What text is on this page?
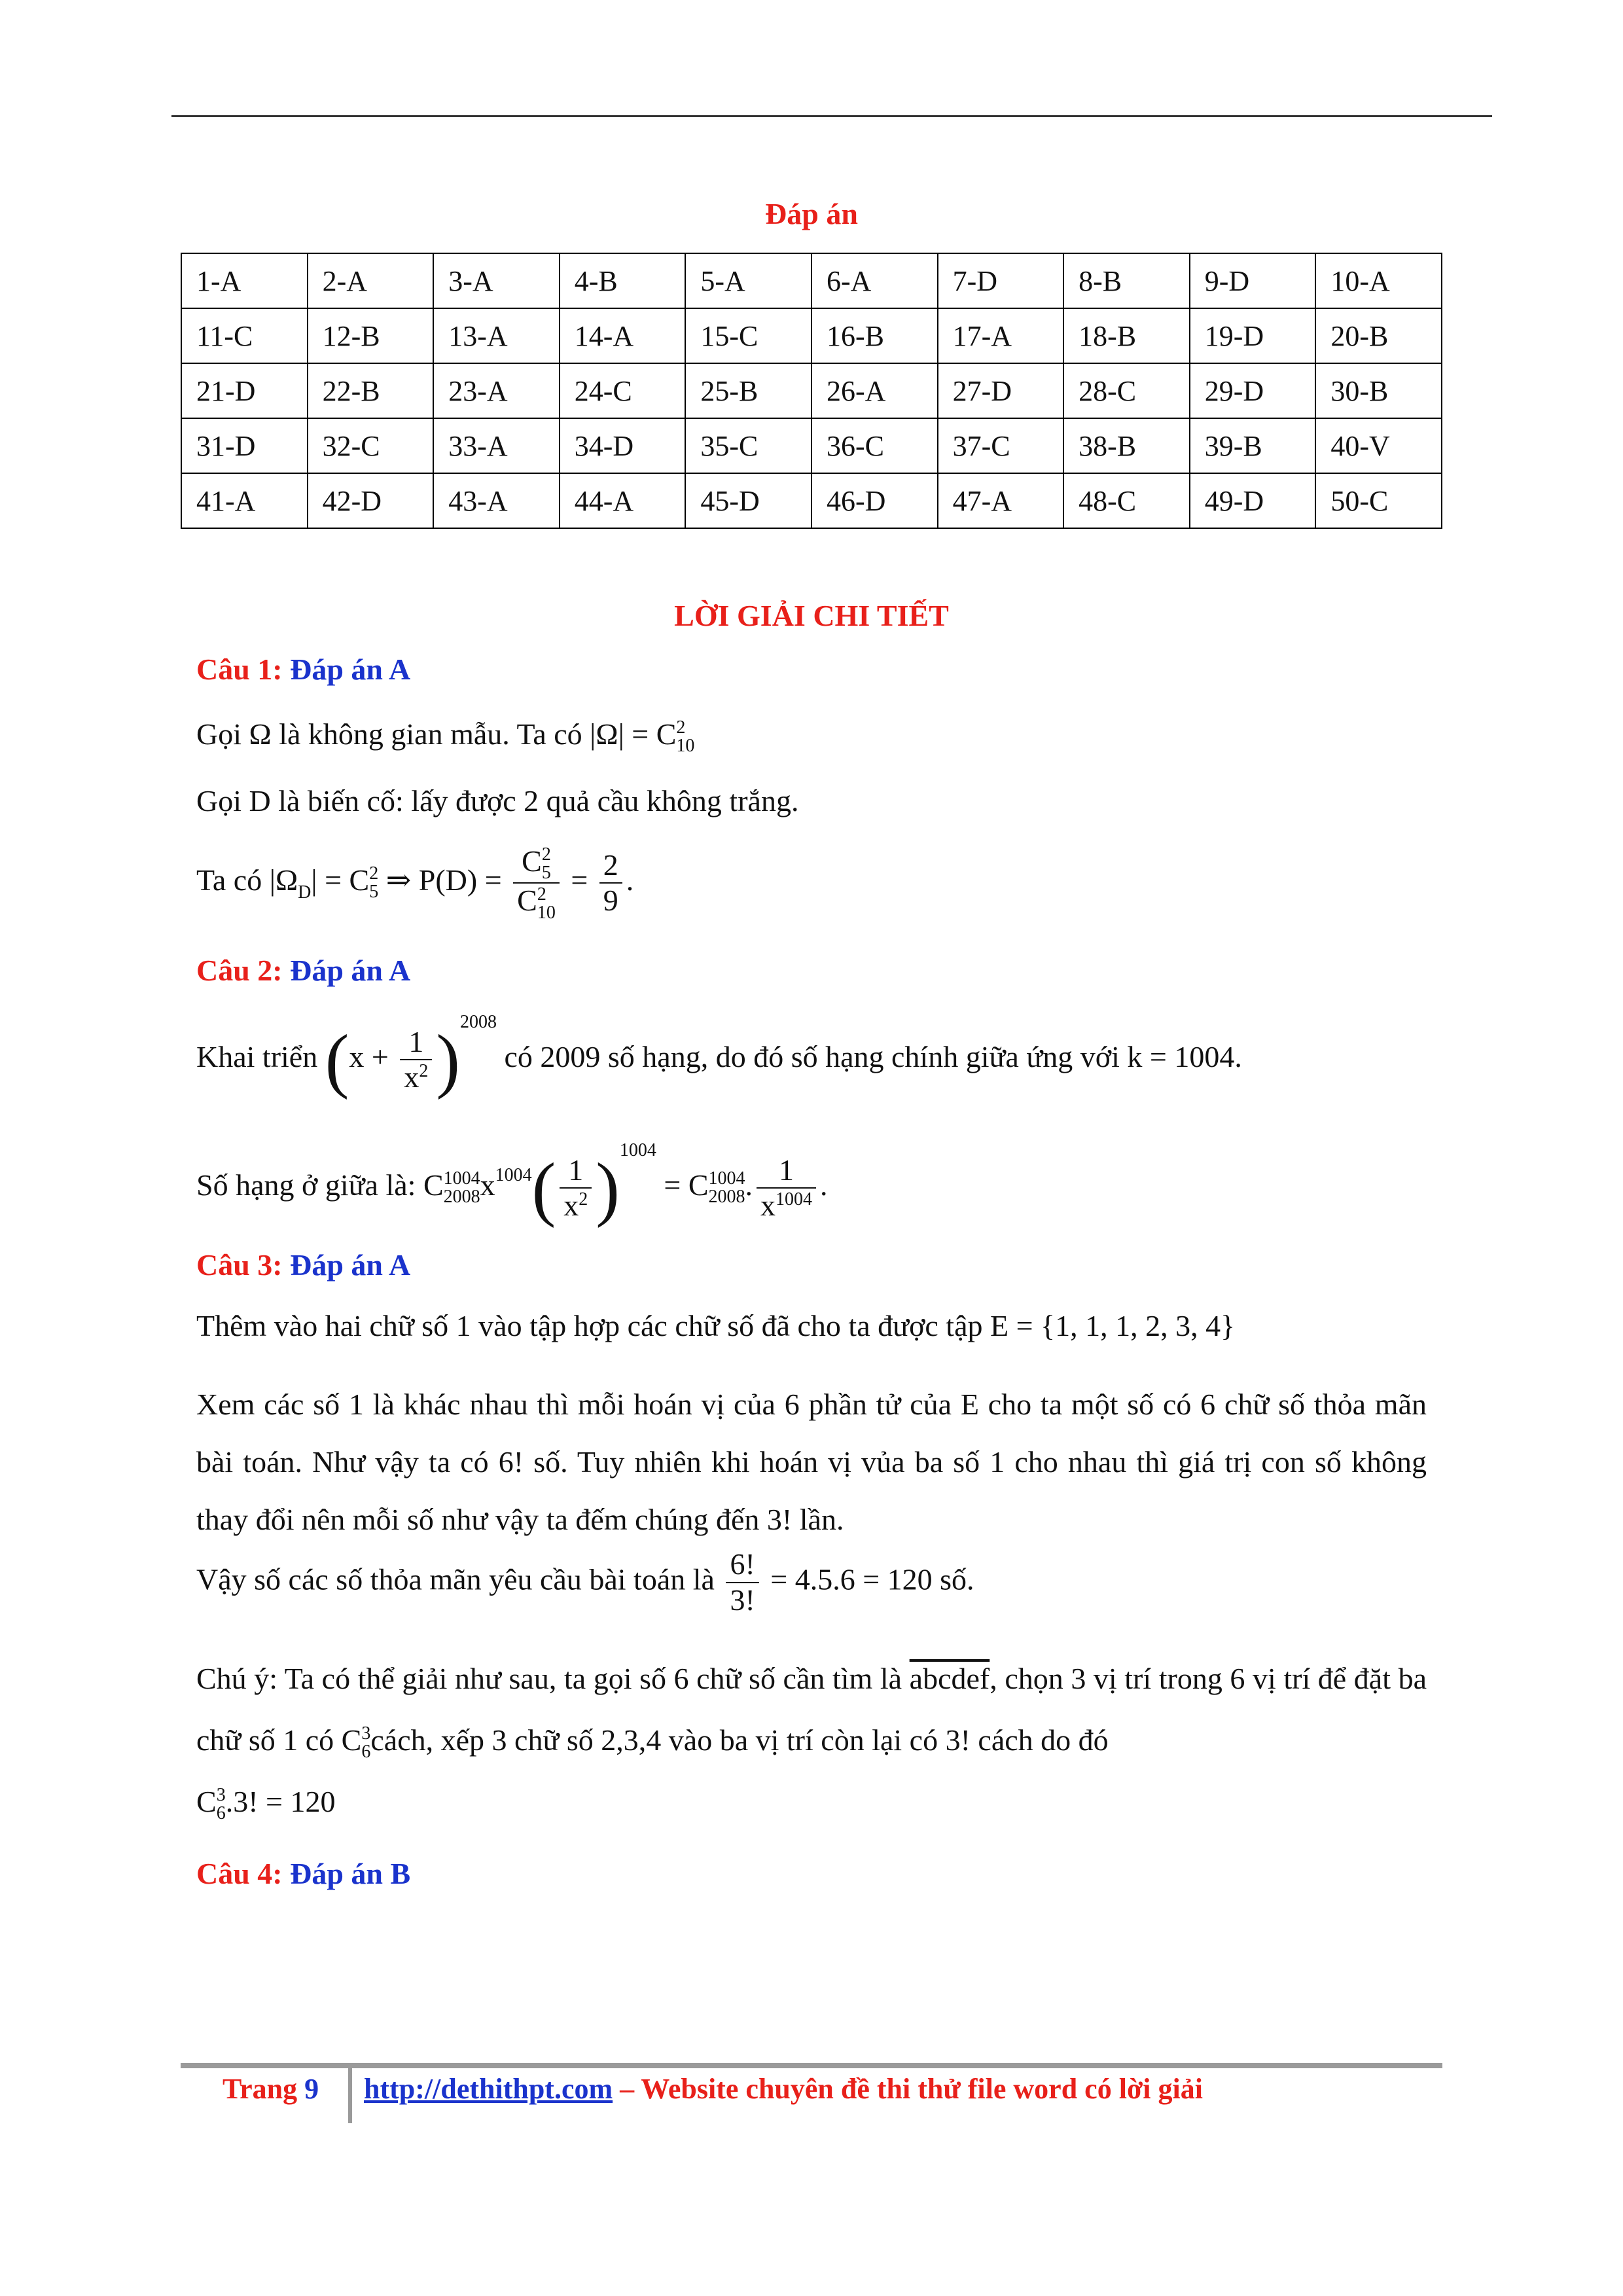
Đáp án
1-A	2-A	3-A	4-B	5-A	6-A	7-D	8-B	9-D	10-A
11-C	12-B	13-A	14-A	15-C	16-B	17-A	18-B	19-D	20-B
21-D	22-B	23-A	24-C	25-B	26-A	27-D	28-C	29-D	30-B
31-D	32-C	33-A	34-D	35-C	36-C	37-C	38-B	39-B	40-V
41-A	42-D	43-A	44-A	45-D	46-D	47-A	48-C	49-D	50-C
LỜI GIẢI CHI TIẾT
Câu 1: Đáp án A
Gọi Ω là không gian mẫu. Ta có |Ω| = C 2
10
Gọi D là biến cố: lấy được 2 quả cầu không trắng.
Ta có $|\Omega_D| = C$ 2
5 ⇒ P(D) = C 2
5
C 2
$10 = \frac{2}{9}$ .
Câu 2: Đáp án A
Khai triển $(x + \frac{1}{x^2} )^{2008}$ có 2009 số hạng, do đó số hạng chính giữa ứng với k = 1004.
Số hạng ở giữa là: C 1004
2008 $x^{1004}( \frac{1}{x^2} )^{1004} = C$ 1004
2008 . $\frac{1}{x^{1004}}$ .
Câu 3: Đáp án A
Thêm vào hai chữ số 1 vào tập hợp các chữ số đã cho ta được tập E = {1, 1, 1, 2, 3, 4}
Xem các số 1 là khác nhau thì mỗi hoán vị của 6 phần tử của E cho ta một số có 6 chữ số thỏa mãn bài toán. Như vậy ta có 6! số. Tuy nhiên khi hoán vị vủa ba số 1 cho nhau thì giá trị con số không thay đổi nên mỗi số như vậy ta đếm chúng đến 3! lần.
Vậy số các số thỏa mãn yêu cầu bài toán là $\frac{6!}{3!} = 4.5.6 = 120$ số.
Chú ý: Ta có thể giải như sau, ta gọi số 6 chữ số cần tìm là abcdef, chọn 3 vị trí trong 6 vị trí để đặt ba chữ số 1 có C 3
6 cách, xếp 3 chữ số 2,3,4 vào ba vị trí còn lại có 3! cách do đó
C 3
6 .3! = 120
Câu 4: Đáp án B
Trang 9 http://dethithpt.com – Website chuyên đề thi thử file word có lời giải
